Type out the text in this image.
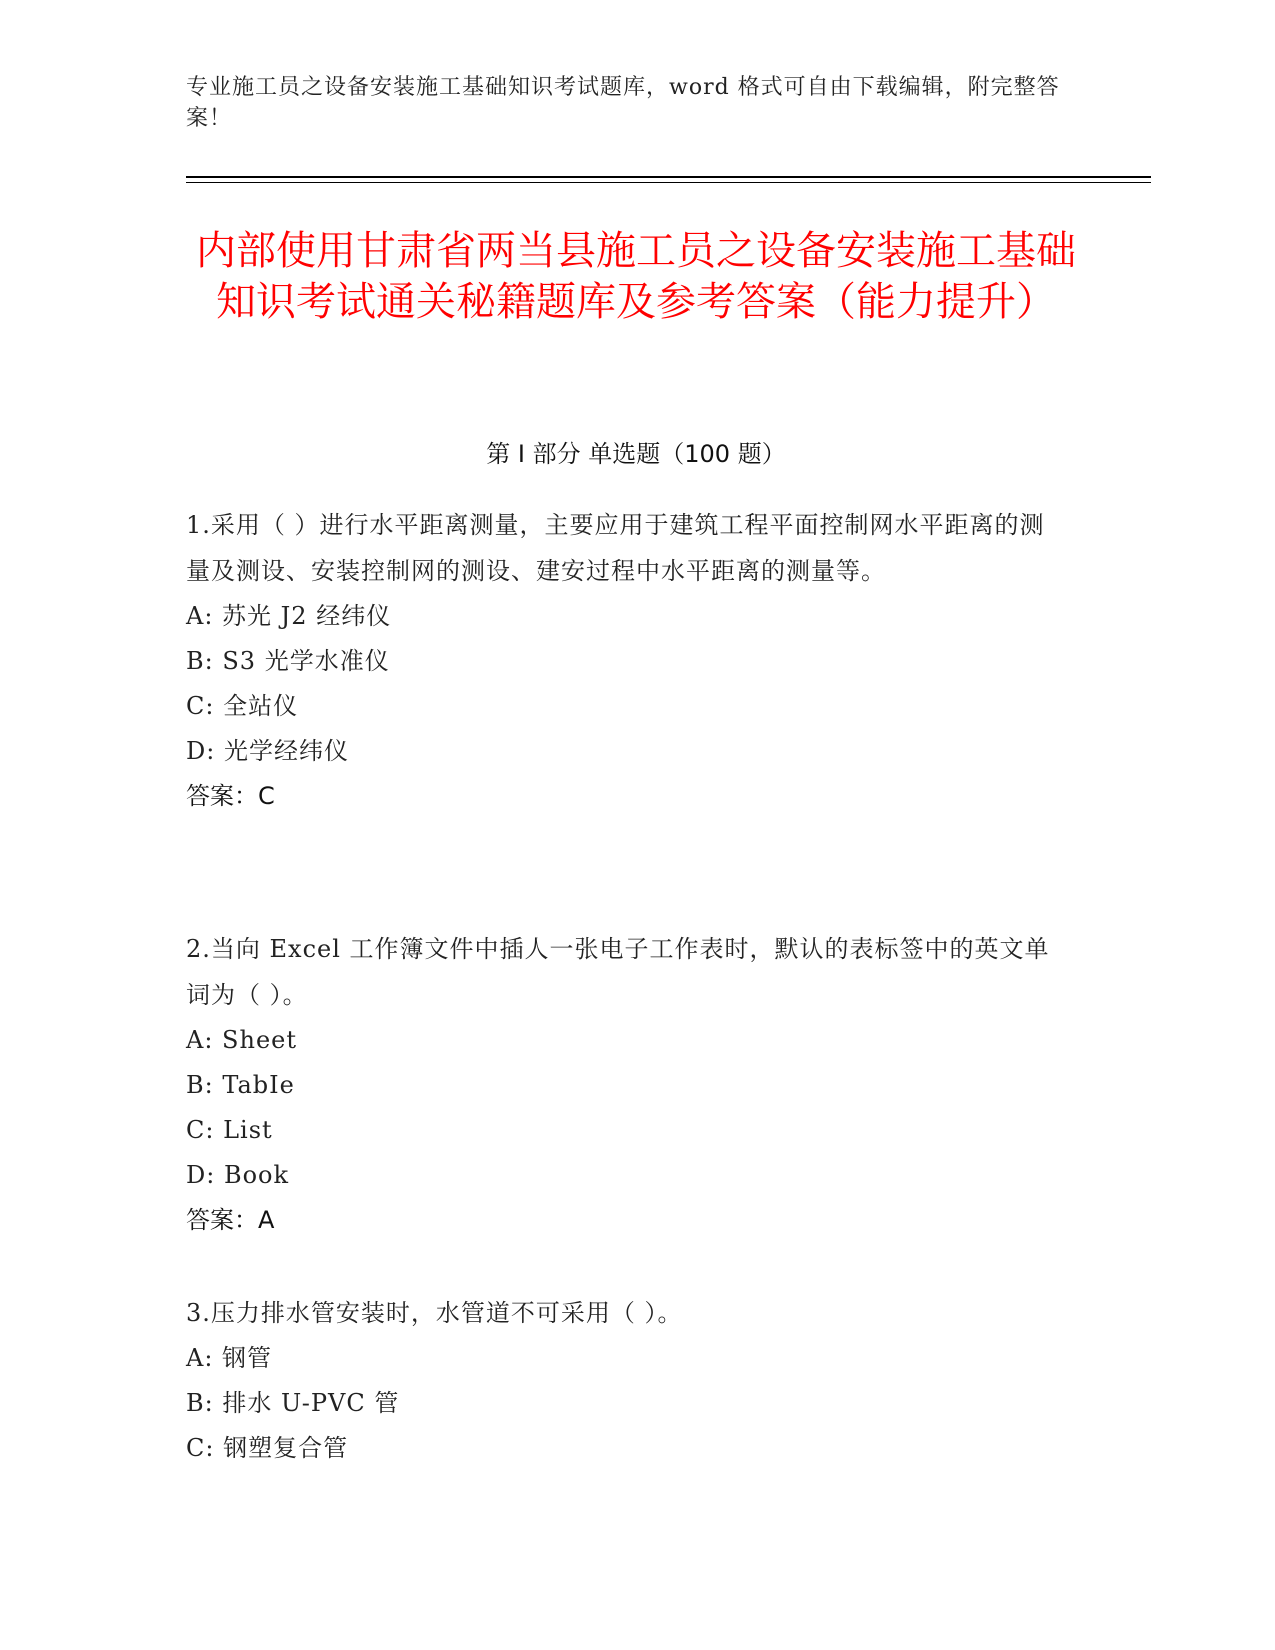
专业施工员之设备安装施工基础知识考试题库，word 格式可自由下载编辑，附完整答案！
内部使用甘肃省两当县施工员之设备安装施工基础知识考试通关秘籍题库及参考答案（能力提升）
第 I 部分 单选题（100 题）
1.采用（ ）进行水平距离测量，主要应用于建筑工程平面控制网水平距离的测量及测设、安装控制网的测设、建安过程中水平距离的测量等。
A: 苏光 J2 经纬仪
B: S3 光学水准仪
C: 全站仪
D: 光学经纬仪
答案：C
2.当向 Excel 工作簿文件中插人一张电子工作表时，默认的表标签中的英文单词为（ ）。
A: Sheet
B: TabIe
C: List
D: Book
答案：A
3.压力排水管安装时，水管道不可采用（ ）。
A: 钢管
B: 排水 U-PVC 管
C: 钢塑复合管
